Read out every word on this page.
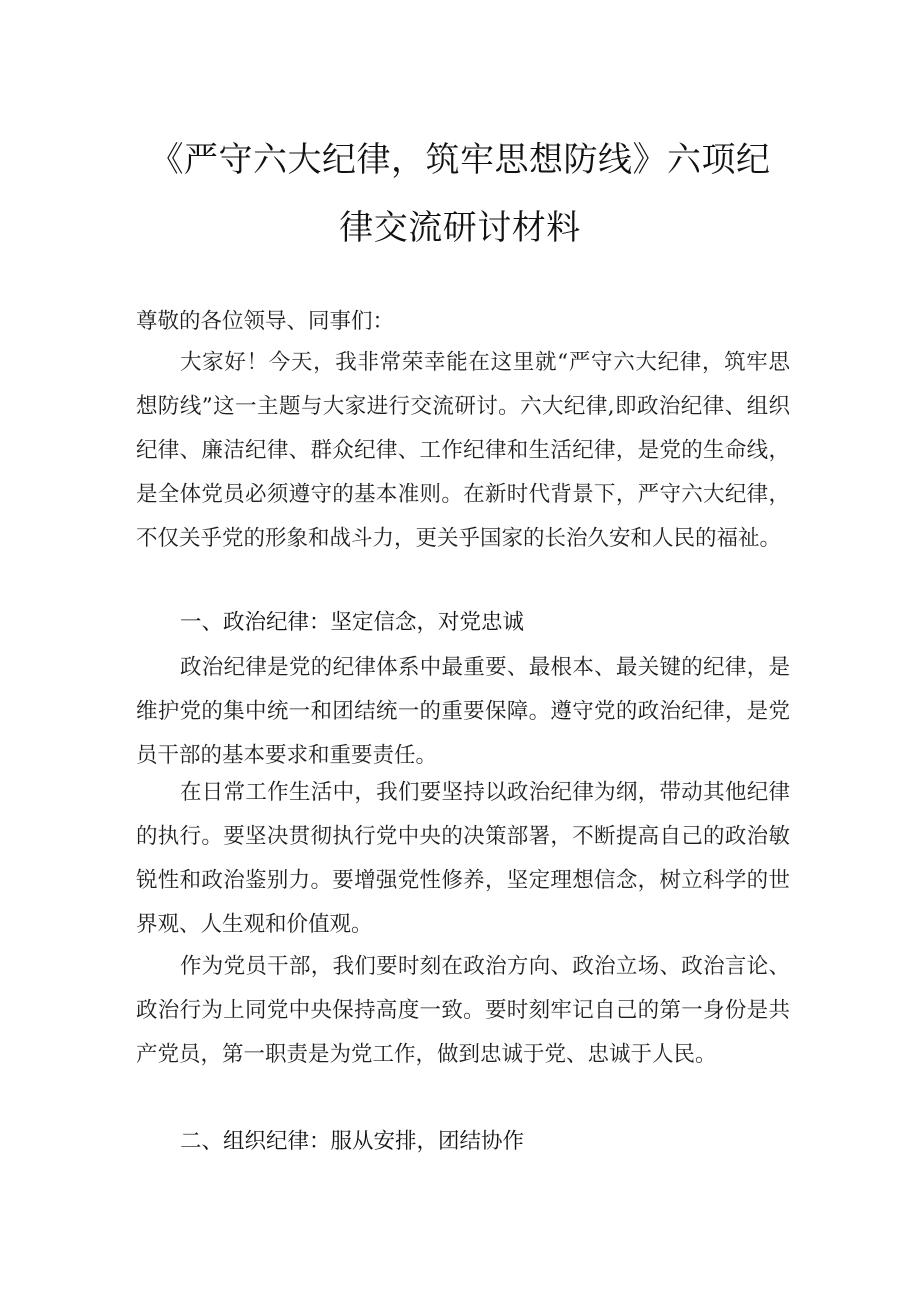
《严守六大纪律，筑牢思想防线》六项纪
律交流研讨材料
尊敬的各位领导、同事们：
大家好！今天，我非常荣幸能在这里就“严守六大纪律，筑牢思想防线”这一主题与大家进行交流研讨。六大纪律,即政治纪律、组织纪律、廉洁纪律、群众纪律、工作纪律和生活纪律，是党的生命线，是全体党员必须遵守的基本准则。在新时代背景下，严守六大纪律，不仅关乎党的形象和战斗力，更关乎国家的长治久安和人民的福祉。
一、政治纪律：坚定信念，对党忠诚
政治纪律是党的纪律体系中最重要、最根本、最关键的纪律，是维护党的集中统一和团结统一的重要保障。遵守党的政治纪律，是党员干部的基本要求和重要责任。
在日常工作生活中，我们要坚持以政治纪律为纲，带动其他纪律的执行。要坚决贯彻执行党中央的决策部署，不断提高自己的政治敏锐性和政治鉴别力。要增强党性修养，坚定理想信念，树立科学的世界观、人生观和价值观。
作为党员干部，我们要时刻在政治方向、政治立场、政治言论、政治行为上同党中央保持高度一致。要时刻牢记自己的第一身份是共产党员，第一职责是为党工作，做到忠诚于党、忠诚于人民。
二、组织纪律：服从安排，团结协作
